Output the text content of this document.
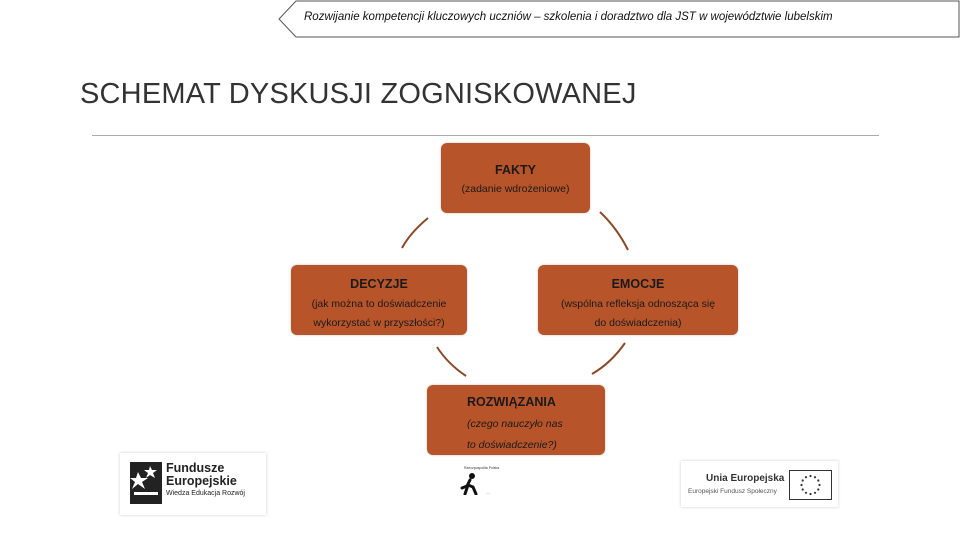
Rozwijanie kompetencji kluczowych uczniów – szkolenia i doradztwo dla JST w województwie lubelskim
SCHEMAT DYSKUSJI ZOGNISKOWANEJ
FAKTY
(zadanie wdrożeniowe)
DECYZJE
(jak można to doświadczenie
wykorzystać w przyszłości?)
EMOCJE
(wspólna refleksja odnosząca się
do doświadczenia)
ROZWIĄZANIA
(czego nauczyło nas
to doświadczenie?)
Fundusze
Europejskie
Wiedza Edukacja Rozwój
Rzeczpospolita Polska
....
Unia Europejska
Europejski Fundusz Społeczny
